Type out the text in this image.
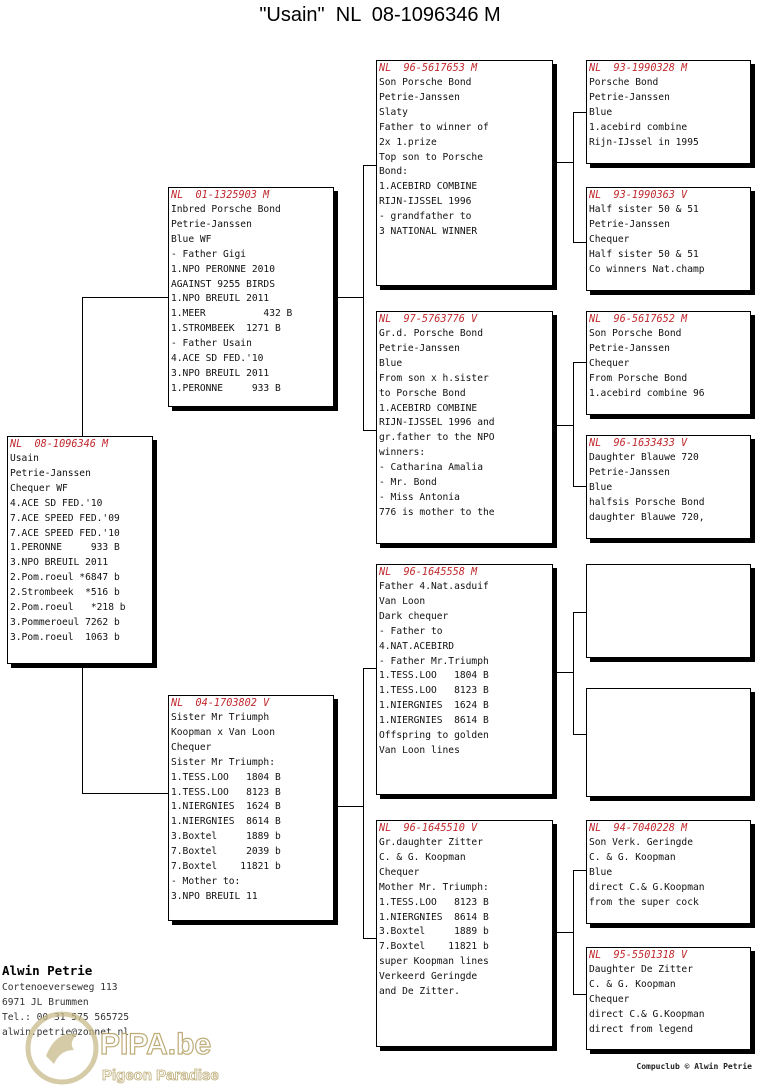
"Usain"  NL  08-1096346 M
NL  08-1096346 M
Usain
Petrie-Janssen
Chequer WF
4.ACE SD FED.'10
7.ACE SPEED FED.'09
7.ACE SPEED FED.'10
1.PERONNE     933 B
3.NPO BREUIL 2011
2.Pom.roeul *6847 b
2.Strombeek  *516 b
2.Pom.roeul   *218 b
3.Pommeroeul 7262 b
3.Pom.roeul  1063 b
NL  01-1325903 M
Inbred Porsche Bond
Petrie-Janssen
Blue WF
- Father Gigi
1.NPO PERONNE 2010
AGAINST 9255 BIRDS
1.NPO BREUIL 2011
1.MEER          432 B
1.STROMBEEK  1271 B
- Father Usain
4.ACE SD FED.'10
3.NPO BREUIL 2011
1.PERONNE     933 B
NL  04-1703802 V
Sister Mr Triumph
Koopman x Van Loon
Chequer
Sister Mr Triumph:
1.TESS.LOO   1804 B
1.TESS.LOO   8123 B
1.NIERGNIES  1624 B
1.NIERGNIES  8614 B
3.Boxtel     1889 b
7.Boxtel     2039 b
7.Boxtel    11821 b
- Mother to:
3.NPO BREUIL 11
NL  96-5617653 M
Son Porsche Bond
Petrie-Janssen
Slaty
Father to winner of
2x 1.prize
Top son to Porsche
Bond:
1.ACEBIRD COMBINE
RIJN-IJSSEL 1996
- grandfather to
3 NATIONAL WINNER
NL  97-5763776 V
Gr.d. Porsche Bond
Petrie-Janssen
Blue
From son x h.sister
to Porsche Bond
1.ACEBIRD COMBINE
RIJN-IJSSEL 1996 and
gr.father to the NPO
winners:
- Catharina Amalia
- Mr. Bond
- Miss Antonia
776 is mother to the
NL  96-1645558 M
Father 4.Nat.asduif
Van Loon
Dark chequer
- Father to
4.NAT.ACEBIRD
- Father Mr.Triumph
1.TESS.LOO   1804 B
1.TESS.LOO   8123 B
1.NIERGNIES  1624 B
1.NIERGNIES  8614 B
Offspring to golden
Van Loon lines
NL  96-1645510 V
Gr.daughter Zitter
C. & G. Koopman
Chequer
Mother Mr. Triumph:
1.TESS.LOO   8123 B
1.NIERGNIES  8614 B
3.Boxtel     1889 b
7.Boxtel    11821 b
super Koopman lines
Verkeerd Geringde
and De Zitter.
NL  93-1990328 M
Porsche Bond
Petrie-Janssen
Blue
1.acebird combine
Rijn-IJssel in 1995
NL  93-1990363 V
Half sister 50 & 51
Petrie-Janssen
Chequer
Half sister 50 & 51
Co winners Nat.champ
NL  96-5617652 M
Son Porsche Bond
Petrie-Janssen
Chequer
From Porsche Bond
1.acebird combine 96
NL  96-1633433 V
Daughter Blauwe 720
Petrie-Janssen
Blue
halfsis Porsche Bond
daughter Blauwe 720,
NL  94-7040228 M
Son Verk. Geringde
C. & G. Koopman
Blue
direct C.& G.Koopman
from the super cock
NL  95-5501318 V
Daughter De Zitter
C. & G. Koopman
Chequer
direct C.& G.Koopman
direct from legend
Alwin Petrie
Cortenoeverseweg 113
6971 JL Brummen
Tel.: 00 31 575 565725
alwin.petrie@zonnet.nl
PIPA.be
Pigeon Paradise
Compuclub © Alwin Petrie
